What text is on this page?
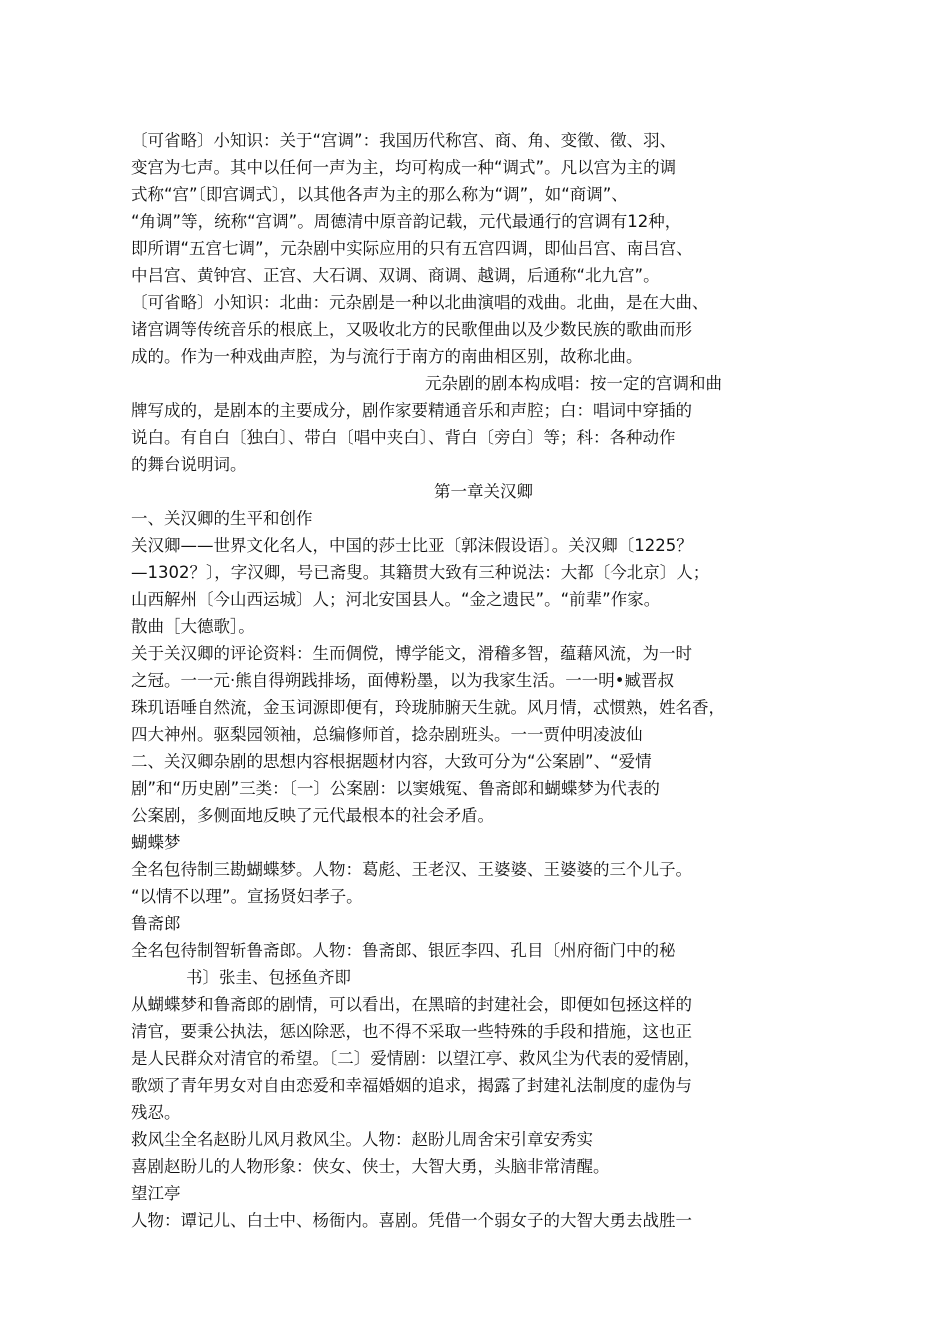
〔可省略〕小知识：关于“宫调”：我国历代称宫、商、角、变徵、徵、羽、
变宫为七声。其中以任何一声为主，均可构成一种“调式”。凡以宫为主的调
式称“宫”〔即宫调式〕，以其他各声为主的那么称为“调”，如“商调”、
“角调”等，统称“宫调”。周德清中原音韵记载，元代最通行的宫调有12种，
即所谓“五宫七调”，元杂剧中实际应用的只有五宫四调，即仙吕宫、南吕宫、
中吕宫、黄钟宫、正宫、大石调、双调、商调、越调，后通称“北九宫”。
〔可省略〕小知识：北曲：元杂剧是一种以北曲演唱的戏曲。北曲，是在大曲、
诸宫调等传统音乐的根底上，又吸收北方的民歌俚曲以及少数民族的歌曲而形
成的。作为一种戏曲声腔，为与流行于南方的南曲相区别，故称北曲。
元杂剧的剧本构成唱：按一定的宫调和曲
牌写成的，是剧本的主要成分，剧作家要精通音乐和声腔；白：唱词中穿插的
说白。有自白〔独白〕、带白〔唱中夹白〕、背白〔旁白〕等；科：各种动作
的舞台说明词。
第一章关汉卿
一、关汉卿的生平和创作
关汉卿——世界文化名人，中国的莎士比亚〔郭沫假设语〕。关汉卿〔1225？
—1302？〕，字汉卿，号已斋叟。其籍贯大致有三种说法：大都〔今北京〕人；
山西解州〔今山西运城〕人；河北安国县人。“金之遗民”。“前辈”作家。
散曲［大德歌］。
关于关汉卿的评论资料：生而倜傥，博学能文，滑稽多智，蕴藉风流，为一时
之冠。一一元·熊自得朔践排场，面傅粉墨，以为我家生活。一一明•臧晋叔
珠玑语唾自然流，金玉词源即便有，玲珑肺腑天生就。风月情，忒惯熟，姓名香，
四大神州。驱梨园领袖，总编修师首，捻杂剧班头。一一贾仲明凌波仙
二、关汉卿杂剧的思想内容根据题材内容，大致可分为“公案剧”、“爱情
剧”和“历史剧”三类：〔一〕公案剧：以窦娥冤、鲁斋郎和蝴蝶梦为代表的
公案剧，多侧面地反映了元代最根本的社会矛盾。
蝴蝶梦
全名包待制三勘蝴蝶梦。人物：葛彪、王老汉、王婆婆、王婆婆的三个儿子。
“以情不以理”。宣扬贤妇孝子。
鲁斋郎
全名包待制智斩鲁斋郎。人物：鲁斋郎、银匠李四、孔目〔州府衙门中的秘
书〕张圭、包拯鱼齐即
从蝴蝶梦和鲁斋郎的剧情，可以看出，在黑暗的封建社会，即便如包拯这样的
清官，要秉公执法，惩凶除恶，也不得不采取一些特殊的手段和措施，这也正
是人民群众对清官的希望。〔二〕爱情剧：以望江亭、救风尘为代表的爱情剧，
歌颂了青年男女对自由恋爱和幸福婚姻的追求，揭露了封建礼法制度的虚伪与
残忍。
救风尘全名赵盼儿风月救风尘。人物：赵盼儿周舍宋引章安秀实
喜剧赵盼儿的人物形象：侠女、侠士，大智大勇，头脑非常清醒。
望江亭
人物：谭记儿、白士中、杨衙内。喜剧。凭借一个弱女子的大智大勇去战胜一
